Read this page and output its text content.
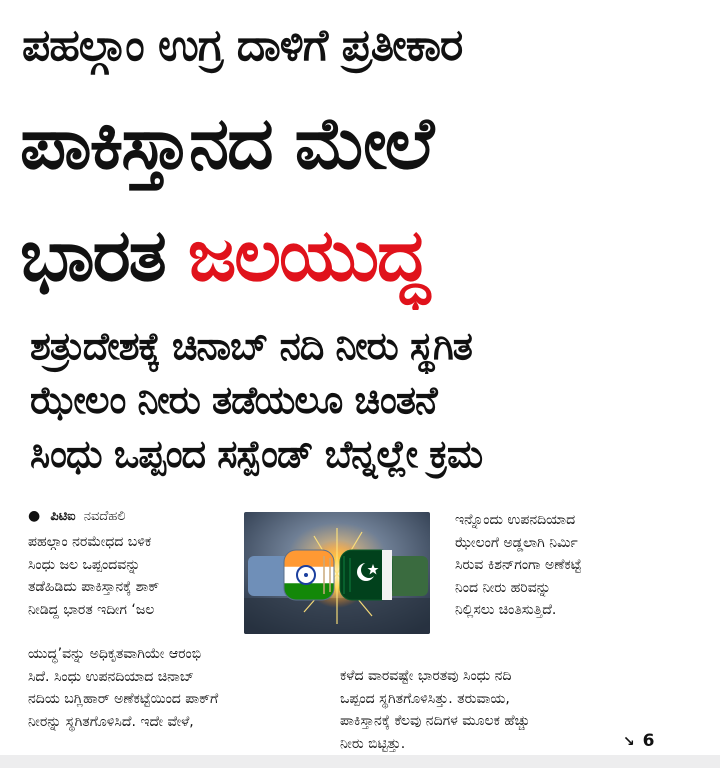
ಪಹಲ್ಗಾಂ ಉಗ್ರ ದಾಳಿಗೆ ಪ್ರತೀಕಾರ
ಪಾಕಿಸ್ತಾನದ ಮೇಲೆ
ಭಾರತ ಜಲಯುದ್ಧ
ಶತ್ರುದೇಶಕ್ಕೆ ಚಿನಾಬ್ ನದಿ ನೀರು ಸ್ಥಗಿತ
ಝೇಲಂ ನೀರು ತಡೆಯಲೂ ಚಿಂತನೆ
ಸಿಂಧು ಒಪ್ಪಂದ ಸಸ್ಪೆಂಡ್ ಬೆನ್ನಲ್ಲೇ ಕ್ರಮ
● ಪಿಟಿಐ ನವದೆಹಲಿ

ಪಹಲ್ಗಾಂ ನರಮೇಧದ ಬಳಿಕ

ಸಿಂಧು ಜಲ ಒಪ್ಪಂದವನ್ನು

ತಡೆಹಿಡಿದು ಪಾಕಿಸ್ತಾನಕ್ಕೆ ಶಾಕ್

ನೀಡಿದ್ದ ಭಾರತ ಇದೀಗ ‘ಜಲ

ಯುದ್ಧ’ವನ್ನು ಅಧಿಕೃತವಾಗಿಯೇ ಆರಂಭಿ

ಸಿದೆ. ಸಿಂಧು ಉಪನದಿಯಾದ ಚಿನಾಬ್

ನದಿಯ ಬಗ್ಲಿಹಾರ್ ಅಣೆಕಟ್ಟೆಯಿಂದ ಪಾಕ್‌ಗೆ

ನೀರನ್ನು ಸ್ಥಗಿತಗೊಳಿಸಿದೆ. ಇದೇ ವೇಳೆ,

ಇನ್ನೊಂದು ಉಪನದಿಯಾದ

ಝೇಲಂಗೆ ಅಡ್ಡಲಾಗಿ ನಿರ್ಮಿ

ಸಿರುವ ಕಿಶನ್‌ಗಂಗಾ ಅಣೆಕಟ್ಟೆ

ನಿಂದ ನೀರು ಹರಿವನ್ನು

ನಿಲ್ಲಿಸಲು ಚಿಂತಿಸುತ್ತಿದೆ.

ಕಳೆದ ವಾರವಷ್ಟೇ ಭಾರತವು ಸಿಂಧು ನದಿ

ಒಪ್ಪಂದ ಸ್ಥಗಿತಗೊಳಿಸಿತ್ತು. ತರುವಾಯ,

ಪಾಕಿಸ್ತಾನಕ್ಕೆ ಕೆಲವು ನದಿಗಳ ಮೂಲಕ ಹೆಚ್ಚು

ನೀರು ಬಿಟ್ಟಿತ್ತು.	↘ 6
